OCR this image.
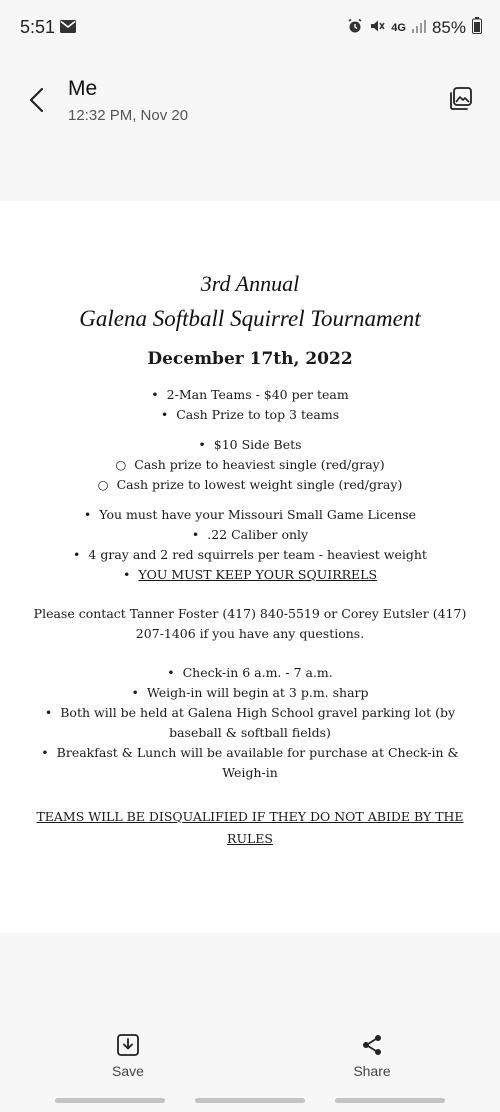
5:51	4G 85%
Me
12:32 PM, Nov 20
3rd Annual
Galena Softball Squirrel Tournament
December 17th, 2022
• 2-Man Teams - $40 per team
• Cash Prize to top 3 teams
• $10 Side Bets
○ Cash prize to heaviest single (red/gray)
○ Cash prize to lowest weight single (red/gray)
• You must have your Missouri Small Game License
• .22 Caliber only
• 4 gray and 2 red squirrels per team - heaviest weight
• YOU MUST KEEP YOUR SQUIRRELS
Please contact Tanner Foster (417) 840-5519 or Corey Eutsler (417)
207-1406 if you have any questions.
• Check-in 6 a.m. - 7 a.m.
• Weigh-in will begin at 3 p.m. sharp
• Both will be held at Galena High School gravel parking lot (by
baseball & softball fields)
• Breakfast & Lunch will be available for purchase at Check-in &
Weigh-in
TEAMS WILL BE DISQUALIFIED IF THEY DO NOT ABIDE BY THE
RULES
Save	Share
